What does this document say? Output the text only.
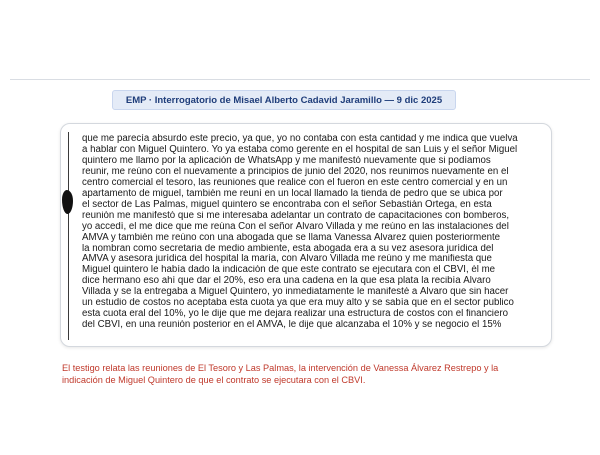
EMP · Interrogatorio de Misael Alberto Cadavid Jaramillo — 9 dic 2025
que me parecía absurdo este precio, ya que, yo no contaba con esta cantidad y me indica que vuelva
a hablar con Miguel Quintero. Yo ya estaba como gerente en el hospital de san Luis y el señor Miguel
quintero me llamo por la aplicación de WhatsApp y me manifestó nuevamente que si podíamos
reunir, me reúno con el nuevamente a principios de junio del 2020, nos reunimos nuevamente en el
centro comercial el tesoro, las reuniones que realice con el fueron en este centro comercial y en un
apartamento de miguel, también me reuní en un local llamado la tienda de pedro que se ubica por
el sector de Las Palmas, miguel quintero se encontraba con el señor Sebastián Ortega, en esta
reunión me manifestó que si me interesaba adelantar un contrato de capacitaciones con bomberos,
yo accedí, el me dice que me reúna Con el señor Álvaro Villada y me reúno en las instalaciones del
AMVA y también me reúno con una abogada que se llama Vanessa Álvarez quien posteriormente
la nombran como secretaria de medio ambiente, esta abogada era a su vez asesora jurídica del
AMVA y asesora jurídica del hospital la maría, con Álvaro Villada me reúno y me manifiesta que
Miguel quintero le había dado la indicación de que este contrato se ejecutara con el CBVI, él me
dice hermano eso ahí que dar el 20%, eso era una cadena en la que esa plata la recibía Álvaro
Villada y se la entregaba a Miguel Quintero, yo inmediatamente le manifesté a Álvaro que sin hacer
un estudio de costos no aceptaba esta cuota ya que era muy alto y se sabía que en el sector publico
esta cuota eral del 10%, yo le dije que me dejara realizar una estructura de costos con el financiero
del CBVI, en una reunión posterior en el AMVA, le dije que alcanzaba el 10% y se negocio el 15%
El testigo relata las reuniones de El Tesoro y Las Palmas, la intervención de Vanessa Álvarez Restrepo y la
indicación de Miguel Quintero de que el contrato se ejecutara con el CBVI.
